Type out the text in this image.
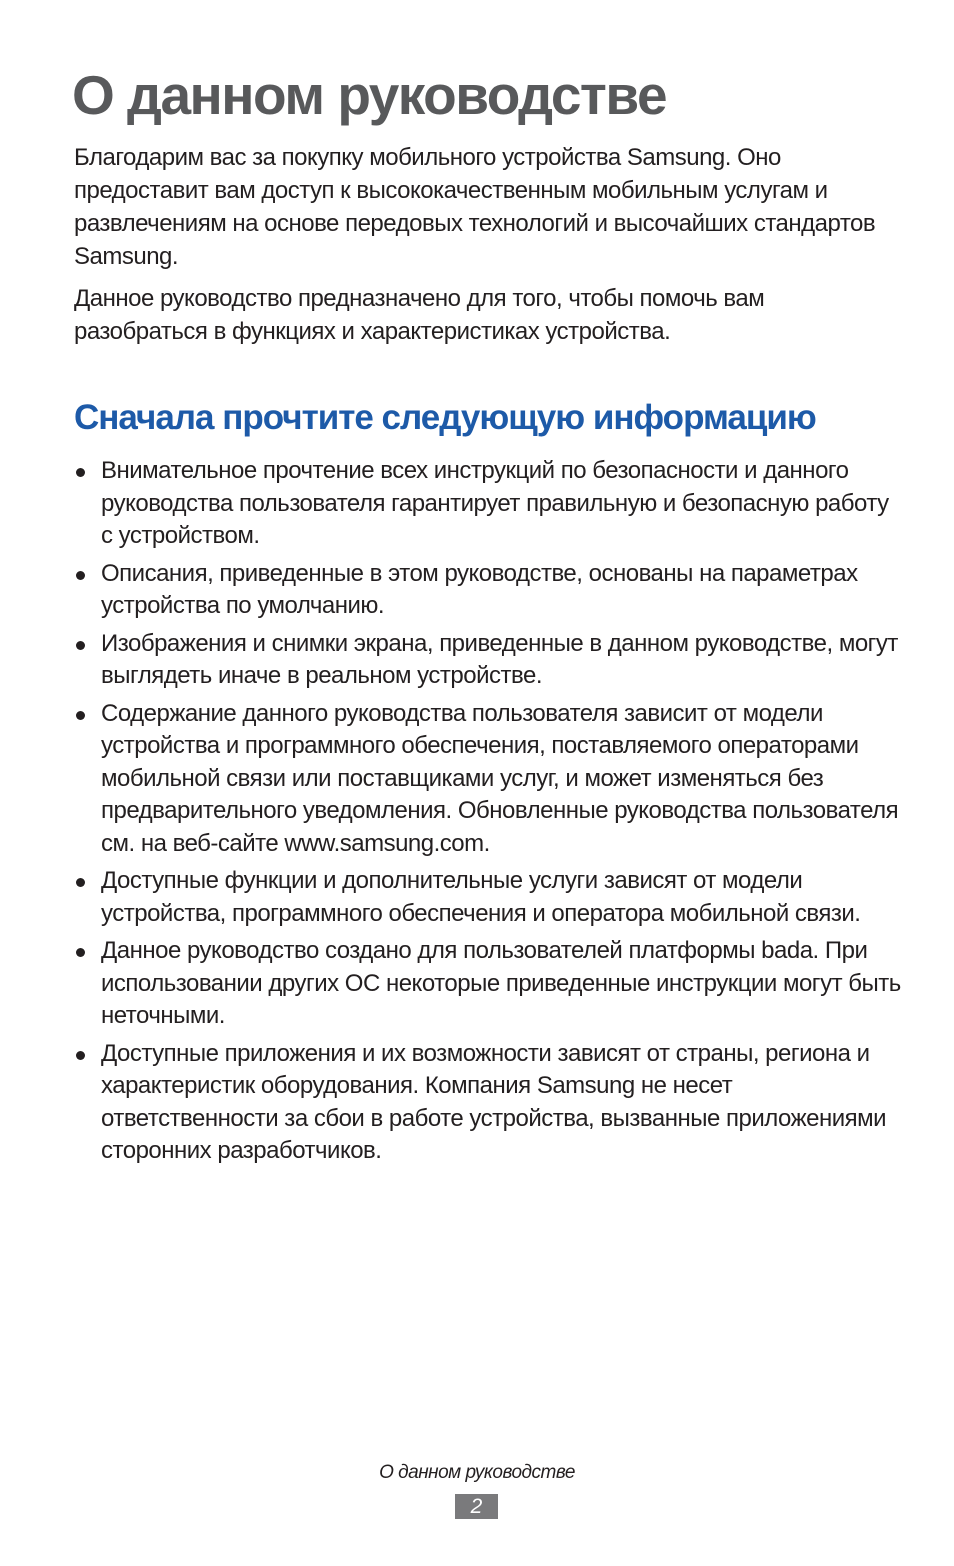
О данном руководстве

Благодарим вас за покупку мобильного устройства Samsung. Оно предоставит вам доступ к высококачественным мобильным услугам и развлечениям на основе передовых технологий и высочайших стандартов Samsung.

Данное руководство предназначено для того, чтобы помочь вам разобраться в функциях и характеристиках устройства.

Сначала прочтите следующую информацию
Внимательное прочтение всех инструкций по безопасности и данного руководства пользователя гарантирует правильную и безопасную работу с устройством.
Описания, приведенные в этом руководстве, основаны на параметрах устройства по умолчанию.
Изображения и снимки экрана, приведенные в данном руководстве, могут выглядеть иначе в реальном устройстве.
Содержание данного руководства пользователя зависит от модели устройства и программного обеспечения, поставляемого операторами мобильной связи или поставщиками услуг, и может изменяться без предварительного уведомления. Обновленные руководства пользователя см. на веб-сайте www.samsung.com.
Доступные функции и дополнительные услуги зависят от модели устройства, программного обеспечения и оператора мобильной связи.
Данное руководство создано для пользователей платформы bada. При использовании других ОС некоторые приведенные инструкции могут быть неточными.
Доступные приложения и их возможности зависят от страны, региона и характеристик оборудования. Компания Samsung не несет ответственности за сбои в работе устройства, вызванные приложениями сторонних разработчиков.
О данном руководстве
2
